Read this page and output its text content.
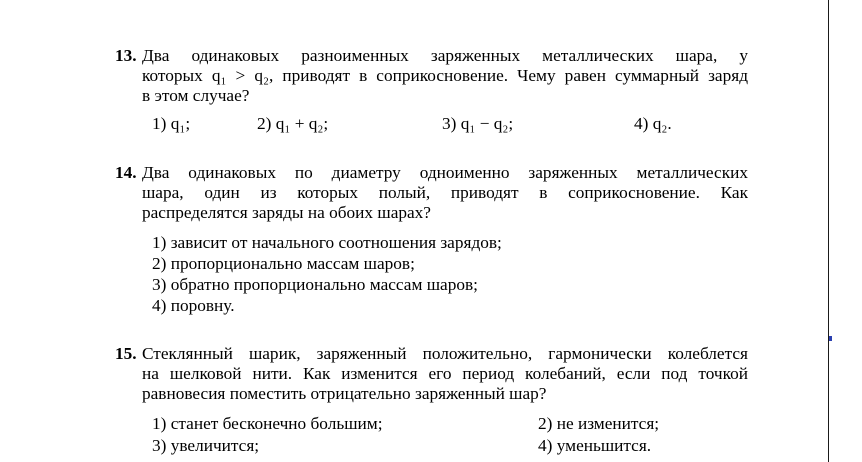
13. Два одинаковых разноименных заряженных металлических шара, у
которых q₁ > q₂, приводят в соприкосновение. Чему равен суммарный заряд
в этом случае?
1) q₁;	2) q₁ + q₂;	3) q₁ − q₂;	4) q₂.
14. Два одинаковых по диаметру одноименно заряженных металлических
шара, один из которых полый, приводят в соприкосновение. Как
распределятся заряды на обоих шарах?
1) зависит от начального соотношения зарядов;
2) пропорционально массам шаров;
3) обратно пропорционально массам шаров;
4) поровну.
15. Стеклянный шарик, заряженный положительно, гармонически колеблется
на шелковой нити. Как изменится его период колебаний, если под точкой
равновесия поместить отрицательно заряженный шар?
1) станет бесконечно большим;	2) не изменится;
3) увеличится;	4) уменьшится.
